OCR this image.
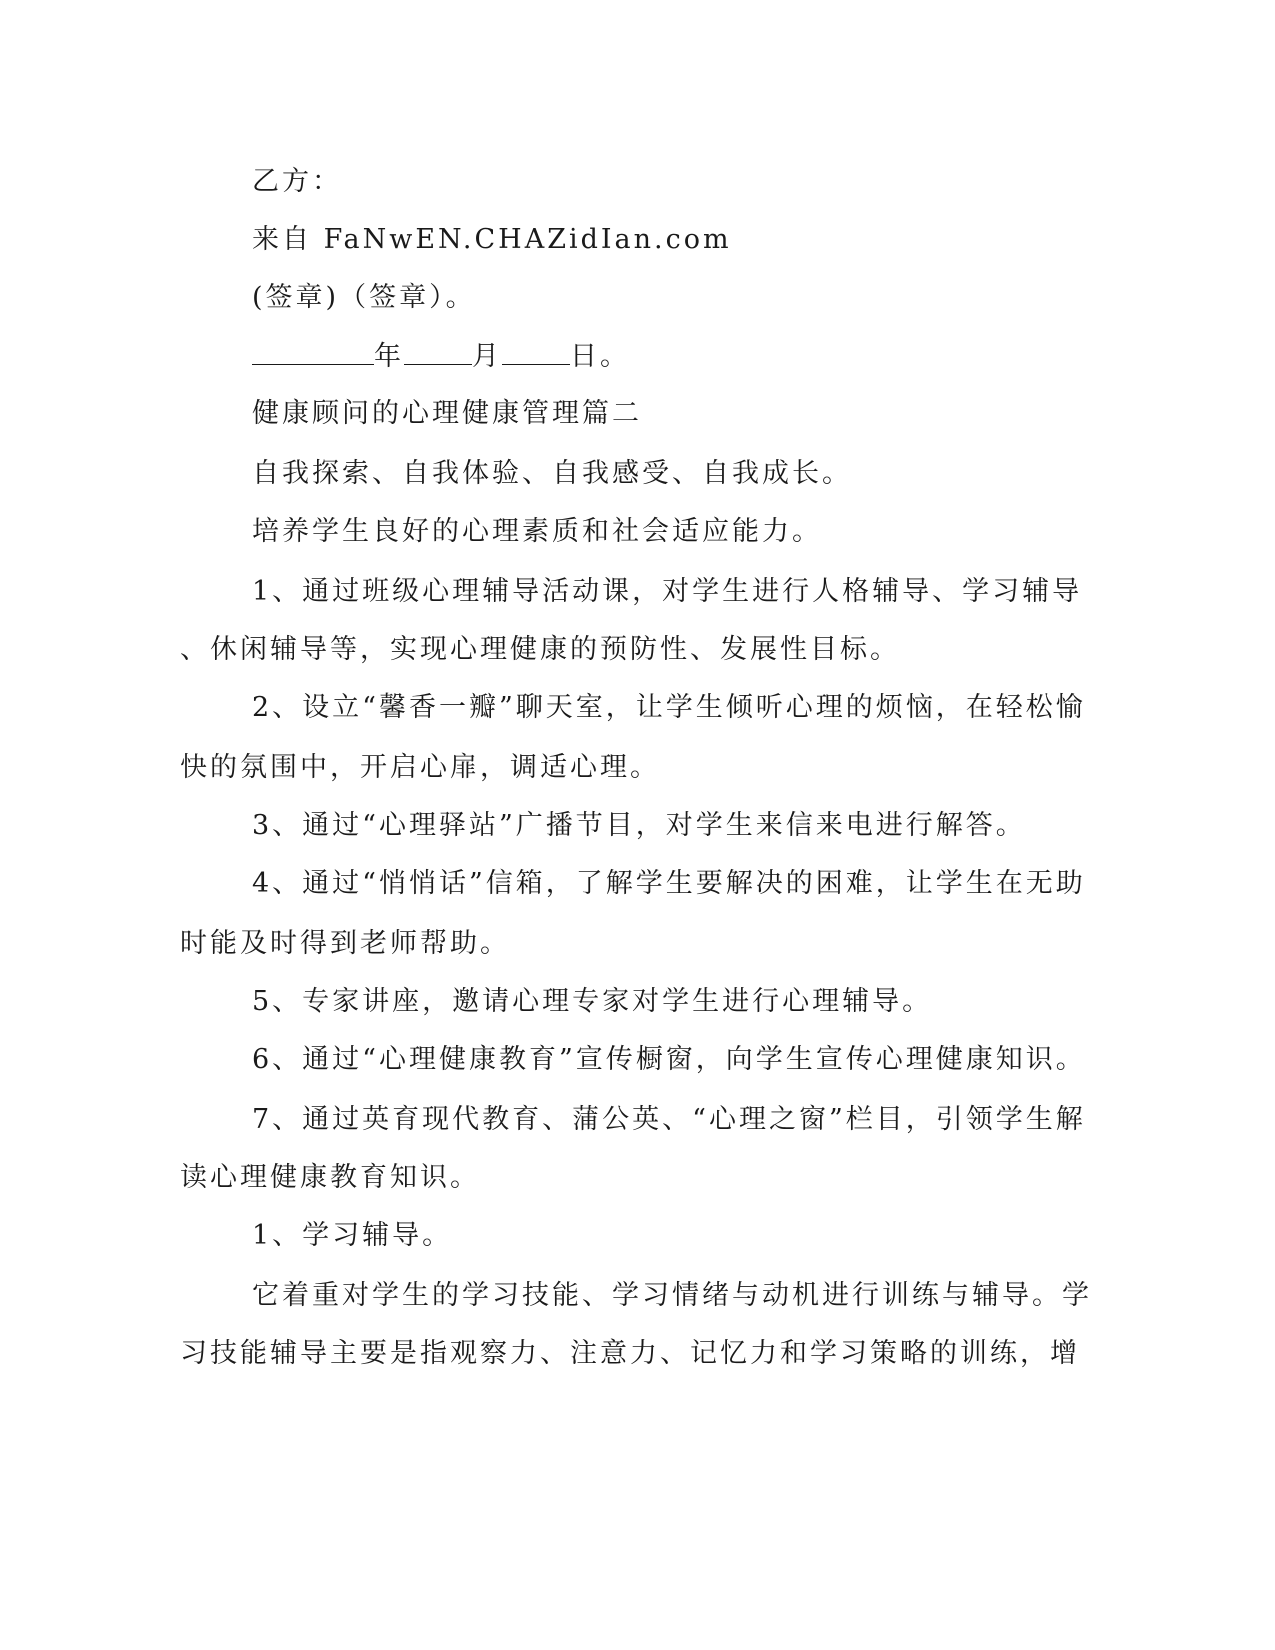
乙方：
来自 FaNwEN.CHAZidIan.com
(签章)（签章）。
年	月	日。
健康顾问的心理健康管理篇二
自我探索、自我体验、自我感受、自我成长。
培养学生良好的心理素质和社会适应能力。
1、通过班级心理辅导活动课，对学生进行人格辅导、学习辅导
、休闲辅导等，实现心理健康的预防性、发展性目标。
2、设立“馨香一瓣”聊天室，让学生倾听心理的烦恼，在轻松愉
快的氛围中，开启心扉，调适心理。
3、通过“心理驿站”广播节目，对学生来信来电进行解答。
4、通过“悄悄话”信箱，了解学生要解决的困难，让学生在无助
时能及时得到老师帮助。
5、专家讲座，邀请心理专家对学生进行心理辅导。
6、通过“心理健康教育”宣传橱窗，向学生宣传心理健康知识。
7、通过英育现代教育、蒲公英、“心理之窗”栏目，引领学生解
读心理健康教育知识。
1、学习辅导。
它着重对学生的学习技能、学习情绪与动机进行训练与辅导。学
习技能辅导主要是指观察力、注意力、记忆力和学习策略的训练，增
